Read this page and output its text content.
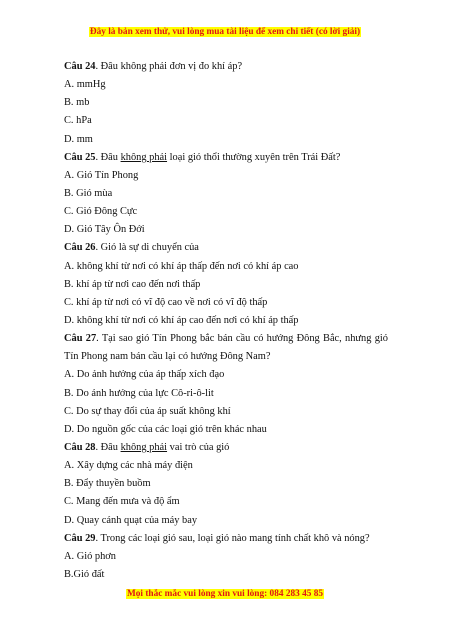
Đây là bản xem thử, vui lòng mua tài liệu để xem chi tiết (có lời giải)
Câu 24. Đâu không phải đơn vị đo khí áp?
A. mmHg
B. mb
C. hPa
D. mm
Câu 25. Đâu không phải loại gió thổi thường xuyên trên Trái Đất?
A. Gió Tín Phong
B. Gió mùa
C. Gió Đông Cực
D. Gió Tây Ôn Đới
Câu 26. Gió là sự di chuyển của
A. không khí từ nơi có khí áp thấp đến nơi có khí áp cao
B. khí áp từ nơi cao đến nơi thấp
C. khí áp từ nơi có vĩ độ cao về nơi có vĩ độ thấp
D. không khí từ nơi có khí áp cao đến nơi có khí áp thấp
Câu 27. Tại sao gió Tín Phong bắc bán cầu có hướng Đông Bắc, nhưng gió Tín Phong nam bán cầu lại có hướng Đông Nam?
A. Do ảnh hưởng của áp thấp xích đạo
B. Do ảnh hưởng của lực Cô-ri-ô-lit
C. Do sự thay đổi của áp suất không khí
D. Do nguồn gốc của các loại gió trên khác nhau
Câu 28. Đâu không phải vai trò của gió
A. Xây dựng các nhà máy điện
B. Đẩy thuyền buồm
C. Mang đến mưa và độ ẩm
D. Quay cánh quạt của máy bay
Câu 29. Trong các loại gió sau, loại gió nào mang tính chất khô và nóng?
A. Gió phơn
B.Gió đất
Mọi thắc mắc vui lòng xin vui lòng: 084 283 45 85
